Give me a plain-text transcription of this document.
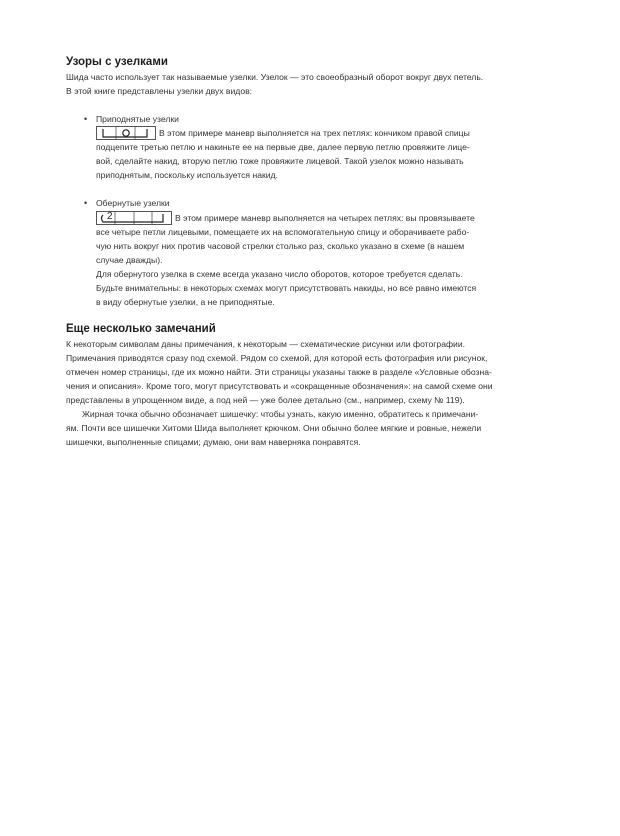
Узоры с узелками

Шида часто использует так называемые узелки. Узелок — это своеобразный оборот вокруг двух петель.

В этой книге представлены узелки двух видов:

• Приподнятые узелки

В этом примере маневр выполняется на трех петлях: кончиком правой спицы

подцепите третью петлю и накиньте ее на первые две, далее первую петлю провяжите лице-

вой, сделайте накид, вторую петлю тоже провяжите лицевой. Такой узелок можно называть

приподнятым, поскольку используется накид.

• Обернутые узелки
2	В этом примере маневр выполняется на четырех петлях: вы провязываете

все четыре петли лицевыми, помещаете их на вспомогательную спицу и оборачиваете рабо-

чую нить вокруг них против часовой стрелки столько раз, сколько указано в схеме (в нашем

случае дважды).

Для обернутого узелка в схеме всегда указано число оборотов, которое требуется сделать.

Будьте внимательны: в некоторых схемах могут присутствовать накиды, но все равно имеются

в виду обернутые узелки, а не приподнятые.

Еще несколько замечаний

К некоторым символам даны примечания, к некоторым — схематические рисунки или фотографии.

Примечания приводятся сразу под схемой. Рядом со схемой, для которой есть фотография или рисунок,

отмечен номер страницы, где их можно найти. Эти страницы указаны также в разделе «Условные обозна-

чения и описания». Кроме того, могут присутствовать и «сокращенные обозначения»: на самой схеме они

представлены в упрощенном виде, а под ней — уже более детально (см., например, схему № 119).

Жирная точка обычно обозначает шишечку: чтобы узнать, какую именно, обратитесь к примечани-

ям. Почти все шишечки Хитоми Шида выполняет крючком. Они обычно более мягкие и ровные, нежели

шишечки, выполненные спицами; думаю, они вам наверняка понравятся.
